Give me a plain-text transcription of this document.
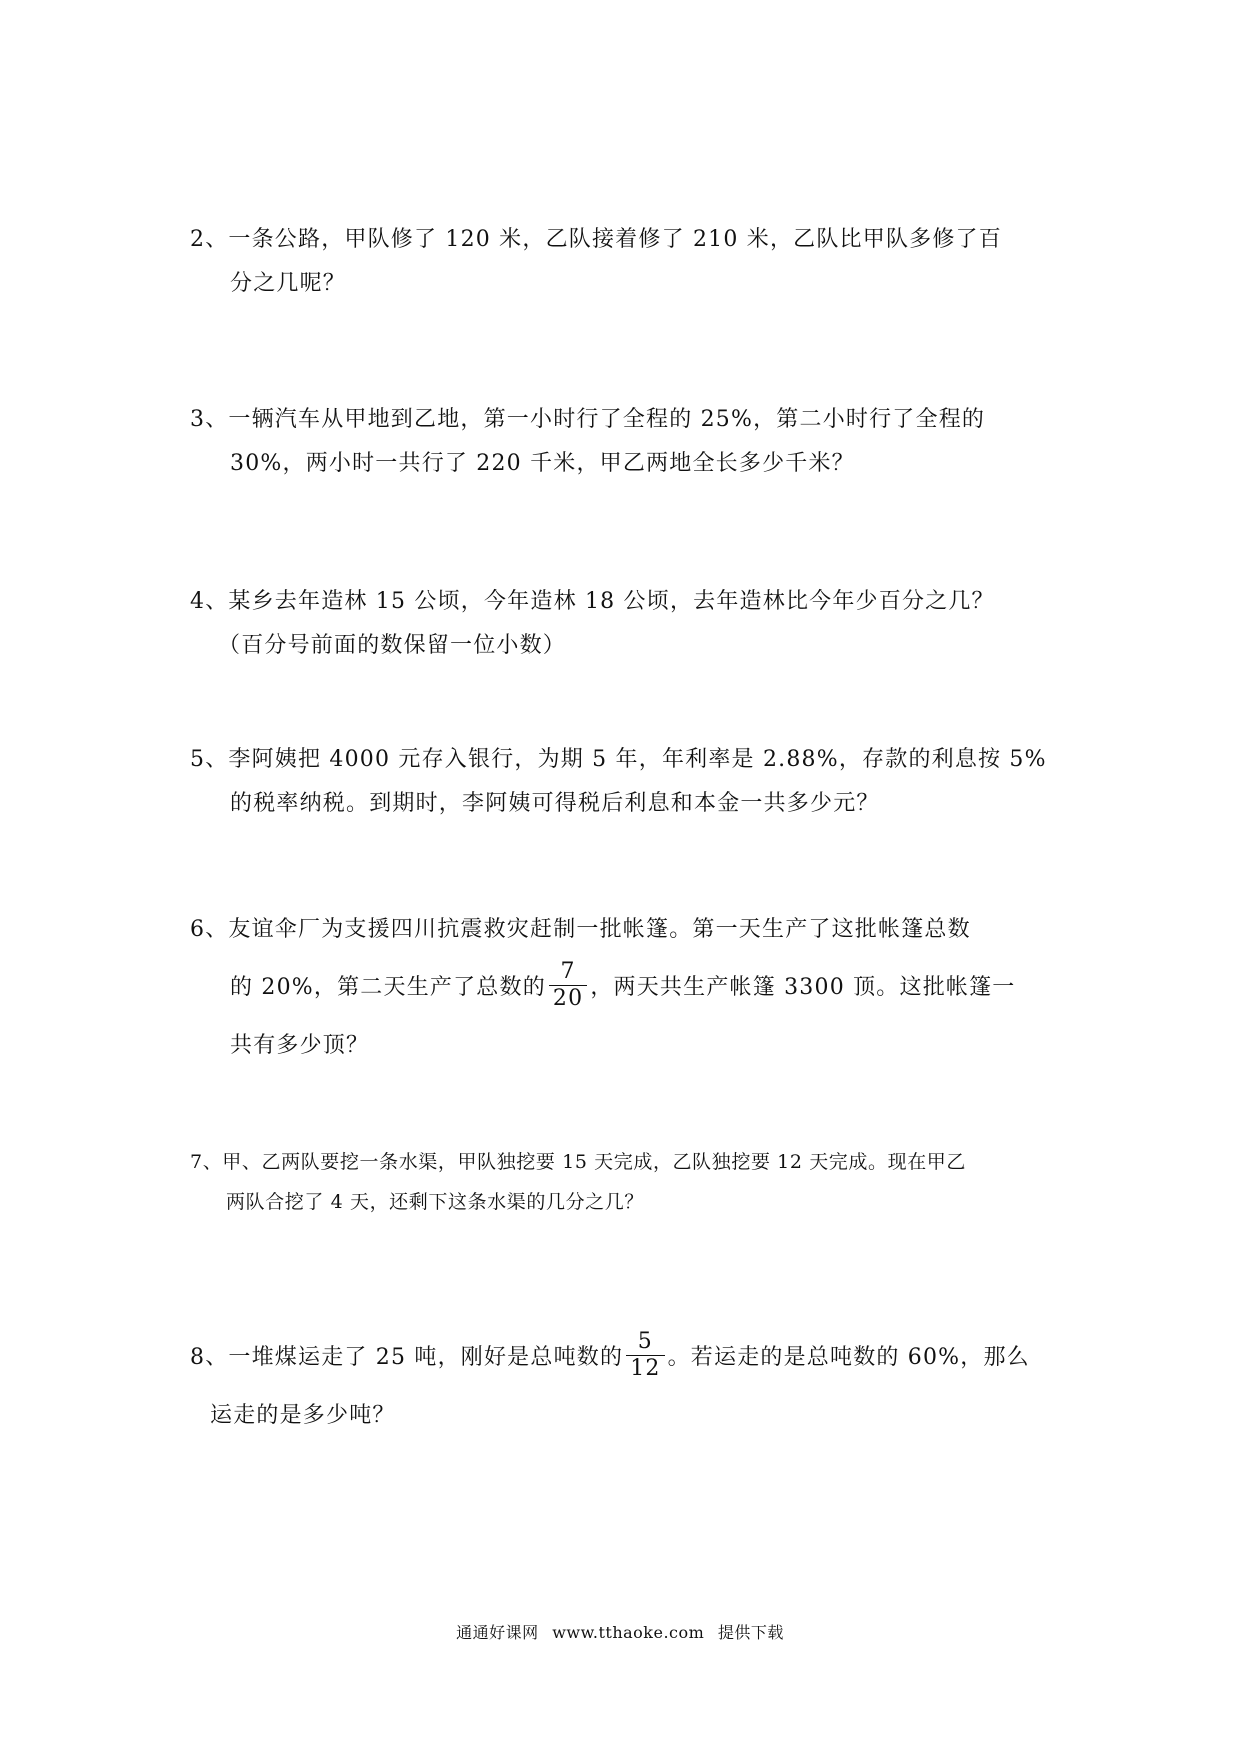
2、一条公路，甲队修了 120 米，乙队接着修了 210 米，乙队比甲队多修了百
分之几呢？
3、一辆汽车从甲地到乙地，第一小时行了全程的 25%，第二小时行了全程的
30%，两小时一共行了 220 千米，甲乙两地全长多少千米？
4、某乡去年造林 15 公顷，今年造林 18 公顷，去年造林比今年少百分之几？
（百分号前面的数保留一位小数）
5、李阿姨把 4000 元存入银行，为期 5 年，年利率是 2.88%，存款的利息按 5%
的税率纳税。到期时，李阿姨可得税后利息和本金一共多少元？
6、友谊伞厂为支援四川抗震救灾赶制一批帐篷。第一天生产了这批帐篷总数
的 20%，第二天生产了总数的 $\frac{7}{20}$ ，两天共生产帐篷 3300 顶。这批帐篷一
共有多少顶？
7、甲、乙两队要挖一条水渠，甲队独挖要 15 天完成，乙队独挖要 12 天完成。现在甲乙
两队合挖了 4 天，还剩下这条水渠的几分之几？
8、一堆煤运走了 25 吨，刚好是总吨数的 $\frac{5}{12}$ 。若运走的是总吨数的 60%，那么
运走的是多少吨？
通通好课网 www.tthaoke.com 提供下载
